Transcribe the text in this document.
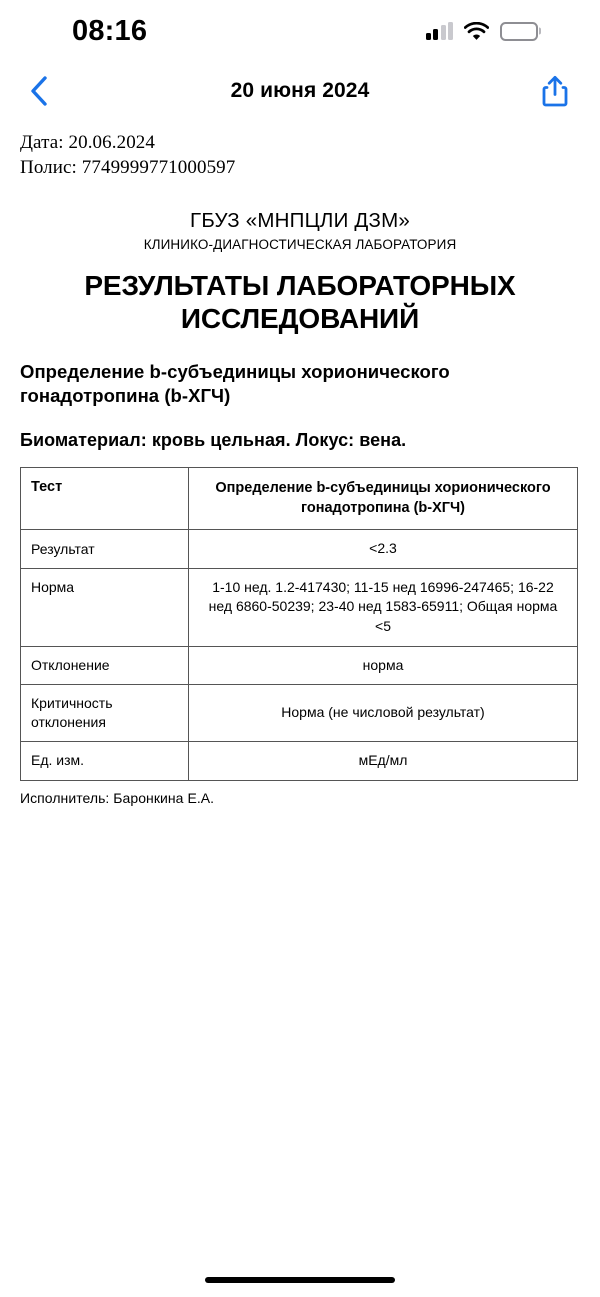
08:16
20 июня 2024
Дата: 20.06.2024
Полис: 7749999771000597
ГБУЗ «МНПЦЛИ ДЗМ»
КЛИНИКО-ДИАГНОСТИЧЕСКАЯ ЛАБОРАТОРИЯ
РЕЗУЛЬТАТЫ ЛАБОРАТОРНЫХ ИССЛЕДОВАНИЙ
Определение b-субъединицы хорионического гонадотропина (b-ХГЧ)
Биоматериал: кровь цельная. Локус: вена.
Тест	Определение b-субъединицы хорионического гонадотропина (b-ХГЧ)
Результат	<2.3
Норма	1-10 нед. 1.2-417430; 11-15 нед 16996-247465; 16-22 нед 6860-50239; 23-40 нед 1583-65911; Общая норма <5
Отклонение	норма
Критичность отклонения	Норма (не числовой результат)
Ед. изм.	мЕд/мл
Исполнитель: Баронкина Е.А.
